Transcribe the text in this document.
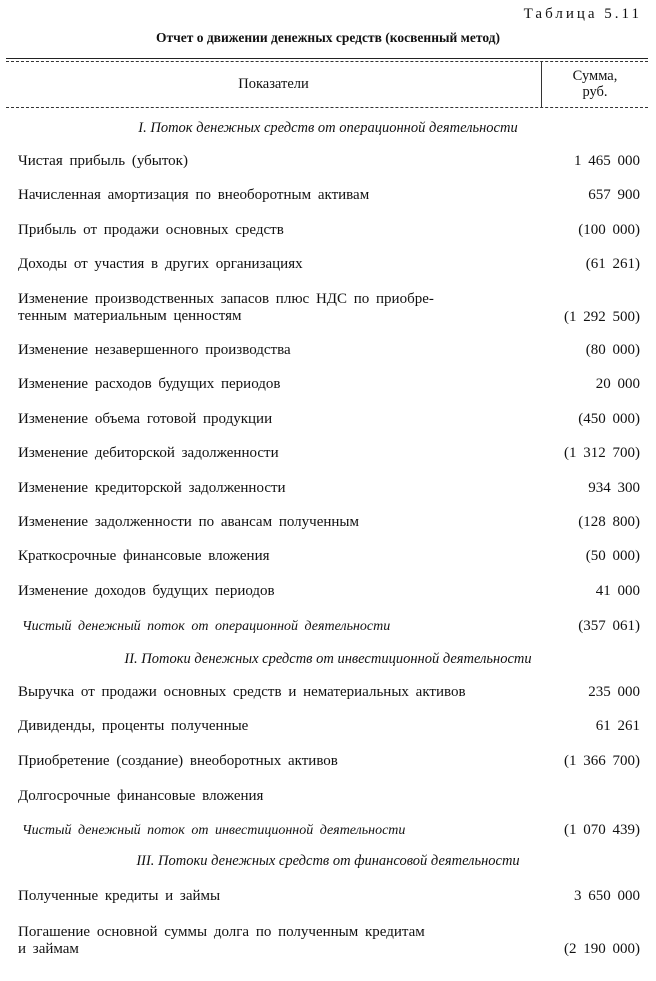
Таблица 5.11
Отчет о движении денежных средств (косвенный метод)
Показатели	Сумма,
руб.
I. Поток денежных средств от операционной деятельности
Чистая прибыль (убыток)	1 465 000
Начисленная амортизация по внеоборотным активам	657 900
Прибыль от продажи основных средств	(100 000)
Доходы от участия в других организациях	(61 261)
Изменение производственных запасов плюс НДС по приобре-
тенным материальным ценностям	(1 292 500)
Изменение незавершенного производства	(80 000)
Изменение расходов будущих периодов	20 000
Изменение объема готовой продукции	(450 000)
Изменение дебиторской задолженности	(1 312 700)
Изменение кредиторской задолженности	934 300
Изменение задолженности по авансам полученным	(128 800)
Краткосрочные финансовые вложения	(50 000)
Изменение доходов будущих периодов	41 000
Чистый денежный поток от операционной деятельности	(357 061)
II. Потоки денежных средств от инвестиционной деятельности
Выручка от продажи основных средств и нематериальных активов	235 000
Дивиденды, проценты полученные	61 261
Приобретение (создание) внеоборотных активов	(1 366 700)
Долгосрочные финансовые вложения
Чистый денежный поток от инвестиционной деятельности	(1 070 439)
III. Потоки денежных средств от финансовой деятельности
Полученные кредиты и займы	3 650 000
Погашение основной суммы долга по полученным кредитам
и займам	(2 190 000)
